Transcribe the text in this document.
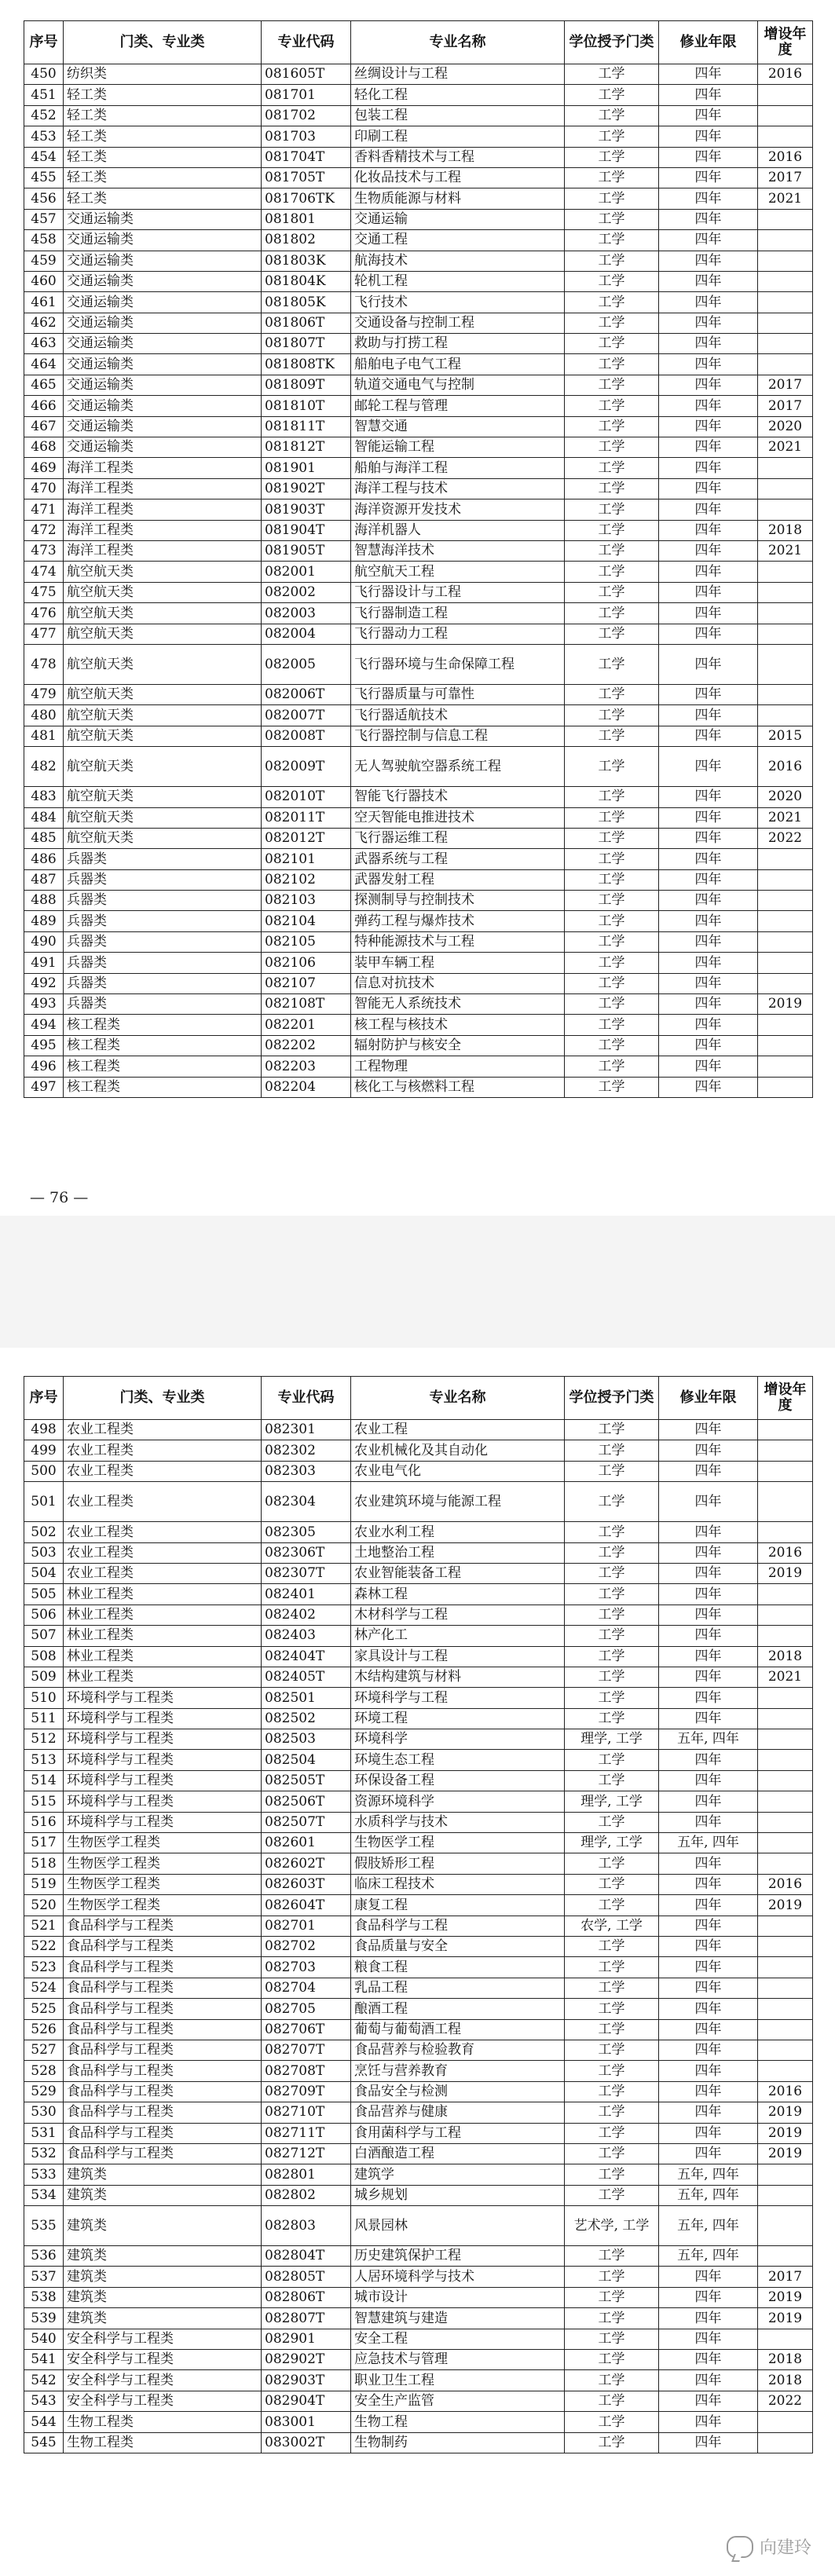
序号	门类、专业类	专业代码	专业名称	学位授予门类	修业年限	增设年度
450	纺织类	081605T	丝绸设计与工程	工学	四年	2016
451	轻工类	081701	轻化工程	工学	四年	
452	轻工类	081702	包装工程	工学	四年	
453	轻工类	081703	印刷工程	工学	四年	
454	轻工类	081704T	香料香精技术与工程	工学	四年	2016
455	轻工类	081705T	化妆品技术与工程	工学	四年	2017
456	轻工类	081706TK	生物质能源与材料	工学	四年	2021
457	交通运输类	081801	交通运输	工学	四年	
458	交通运输类	081802	交通工程	工学	四年	
459	交通运输类	081803K	航海技术	工学	四年	
460	交通运输类	081804K	轮机工程	工学	四年	
461	交通运输类	081805K	飞行技术	工学	四年	
462	交通运输类	081806T	交通设备与控制工程	工学	四年	
463	交通运输类	081807T	救助与打捞工程	工学	四年	
464	交通运输类	081808TK	船舶电子电气工程	工学	四年	
465	交通运输类	081809T	轨道交通电气与控制	工学	四年	2017
466	交通运输类	081810T	邮轮工程与管理	工学	四年	2017
467	交通运输类	081811T	智慧交通	工学	四年	2020
468	交通运输类	081812T	智能运输工程	工学	四年	2021
469	海洋工程类	081901	船舶与海洋工程	工学	四年	
470	海洋工程类	081902T	海洋工程与技术	工学	四年	
471	海洋工程类	081903T	海洋资源开发技术	工学	四年	
472	海洋工程类	081904T	海洋机器人	工学	四年	2018
473	海洋工程类	081905T	智慧海洋技术	工学	四年	2021
474	航空航天类	082001	航空航天工程	工学	四年	
475	航空航天类	082002	飞行器设计与工程	工学	四年	
476	航空航天类	082003	飞行器制造工程	工学	四年	
477	航空航天类	082004	飞行器动力工程	工学	四年	
478	航空航天类	082005	飞行器环境与生命保障工程	工学	四年	
479	航空航天类	082006T	飞行器质量与可靠性	工学	四年	
480	航空航天类	082007T	飞行器适航技术	工学	四年	
481	航空航天类	082008T	飞行器控制与信息工程	工学	四年	2015
482	航空航天类	082009T	无人驾驶航空器系统工程	工学	四年	2016
483	航空航天类	082010T	智能飞行器技术	工学	四年	2020
484	航空航天类	082011T	空天智能电推进技术	工学	四年	2021
485	航空航天类	082012T	飞行器运维工程	工学	四年	2022
486	兵器类	082101	武器系统与工程	工学	四年	
487	兵器类	082102	武器发射工程	工学	四年	
488	兵器类	082103	探测制导与控制技术	工学	四年	
489	兵器类	082104	弹药工程与爆炸技术	工学	四年	
490	兵器类	082105	特种能源技术与工程	工学	四年	
491	兵器类	082106	装甲车辆工程	工学	四年	
492	兵器类	082107	信息对抗技术	工学	四年	
493	兵器类	082108T	智能无人系统技术	工学	四年	2019
494	核工程类	082201	核工程与核技术	工学	四年	
495	核工程类	082202	辐射防护与核安全	工学	四年	
496	核工程类	082203	工程物理	工学	四年	
497	核工程类	082204	核化工与核燃料工程	工学	四年	
— 76 —
序号	门类、专业类	专业代码	专业名称	学位授予门类	修业年限	增设年度
498	农业工程类	082301	农业工程	工学	四年	
499	农业工程类	082302	农业机械化及其自动化	工学	四年	
500	农业工程类	082303	农业电气化	工学	四年	
501	农业工程类	082304	农业建筑环境与能源工程	工学	四年	
502	农业工程类	082305	农业水利工程	工学	四年	
503	农业工程类	082306T	土地整治工程	工学	四年	2016
504	农业工程类	082307T	农业智能装备工程	工学	四年	2019
505	林业工程类	082401	森林工程	工学	四年	
506	林业工程类	082402	木材科学与工程	工学	四年	
507	林业工程类	082403	林产化工	工学	四年	
508	林业工程类	082404T	家具设计与工程	工学	四年	2018
509	林业工程类	082405T	木结构建筑与材料	工学	四年	2021
510	环境科学与工程类	082501	环境科学与工程	工学	四年	
511	环境科学与工程类	082502	环境工程	工学	四年	
512	环境科学与工程类	082503	环境科学	理学, 工学	五年, 四年	
513	环境科学与工程类	082504	环境生态工程	工学	四年	
514	环境科学与工程类	082505T	环保设备工程	工学	四年	
515	环境科学与工程类	082506T	资源环境科学	理学, 工学	四年	
516	环境科学与工程类	082507T	水质科学与技术	工学	四年	
517	生物医学工程类	082601	生物医学工程	理学, 工学	五年, 四年	
518	生物医学工程类	082602T	假肢矫形工程	工学	四年	
519	生物医学工程类	082603T	临床工程技术	工学	四年	2016
520	生物医学工程类	082604T	康复工程	工学	四年	2019
521	食品科学与工程类	082701	食品科学与工程	农学, 工学	四年	
522	食品科学与工程类	082702	食品质量与安全	工学	四年	
523	食品科学与工程类	082703	粮食工程	工学	四年	
524	食品科学与工程类	082704	乳品工程	工学	四年	
525	食品科学与工程类	082705	酿酒工程	工学	四年	
526	食品科学与工程类	082706T	葡萄与葡萄酒工程	工学	四年	
527	食品科学与工程类	082707T	食品营养与检验教育	工学	四年	
528	食品科学与工程类	082708T	烹饪与营养教育	工学	四年	
529	食品科学与工程类	082709T	食品安全与检测	工学	四年	2016
530	食品科学与工程类	082710T	食品营养与健康	工学	四年	2019
531	食品科学与工程类	082711T	食用菌科学与工程	工学	四年	2019
532	食品科学与工程类	082712T	白酒酿造工程	工学	四年	2019
533	建筑类	082801	建筑学	工学	五年, 四年	
534	建筑类	082802	城乡规划	工学	五年, 四年	
535	建筑类	082803	风景园林	艺术学, 工学	五年, 四年	
536	建筑类	082804T	历史建筑保护工程	工学	五年, 四年	
537	建筑类	082805T	人居环境科学与技术	工学	四年	2017
538	建筑类	082806T	城市设计	工学	四年	2019
539	建筑类	082807T	智慧建筑与建造	工学	四年	2019
540	安全科学与工程类	082901	安全工程	工学	四年	
541	安全科学与工程类	082902T	应急技术与管理	工学	四年	2018
542	安全科学与工程类	082903T	职业卫生工程	工学	四年	2018
543	安全科学与工程类	082904T	安全生产监管	工学	四年	2022
544	生物工程类	083001	生物工程	工学	四年	
545	生物工程类	083002T	生物制药	工学	四年	
向建玲
